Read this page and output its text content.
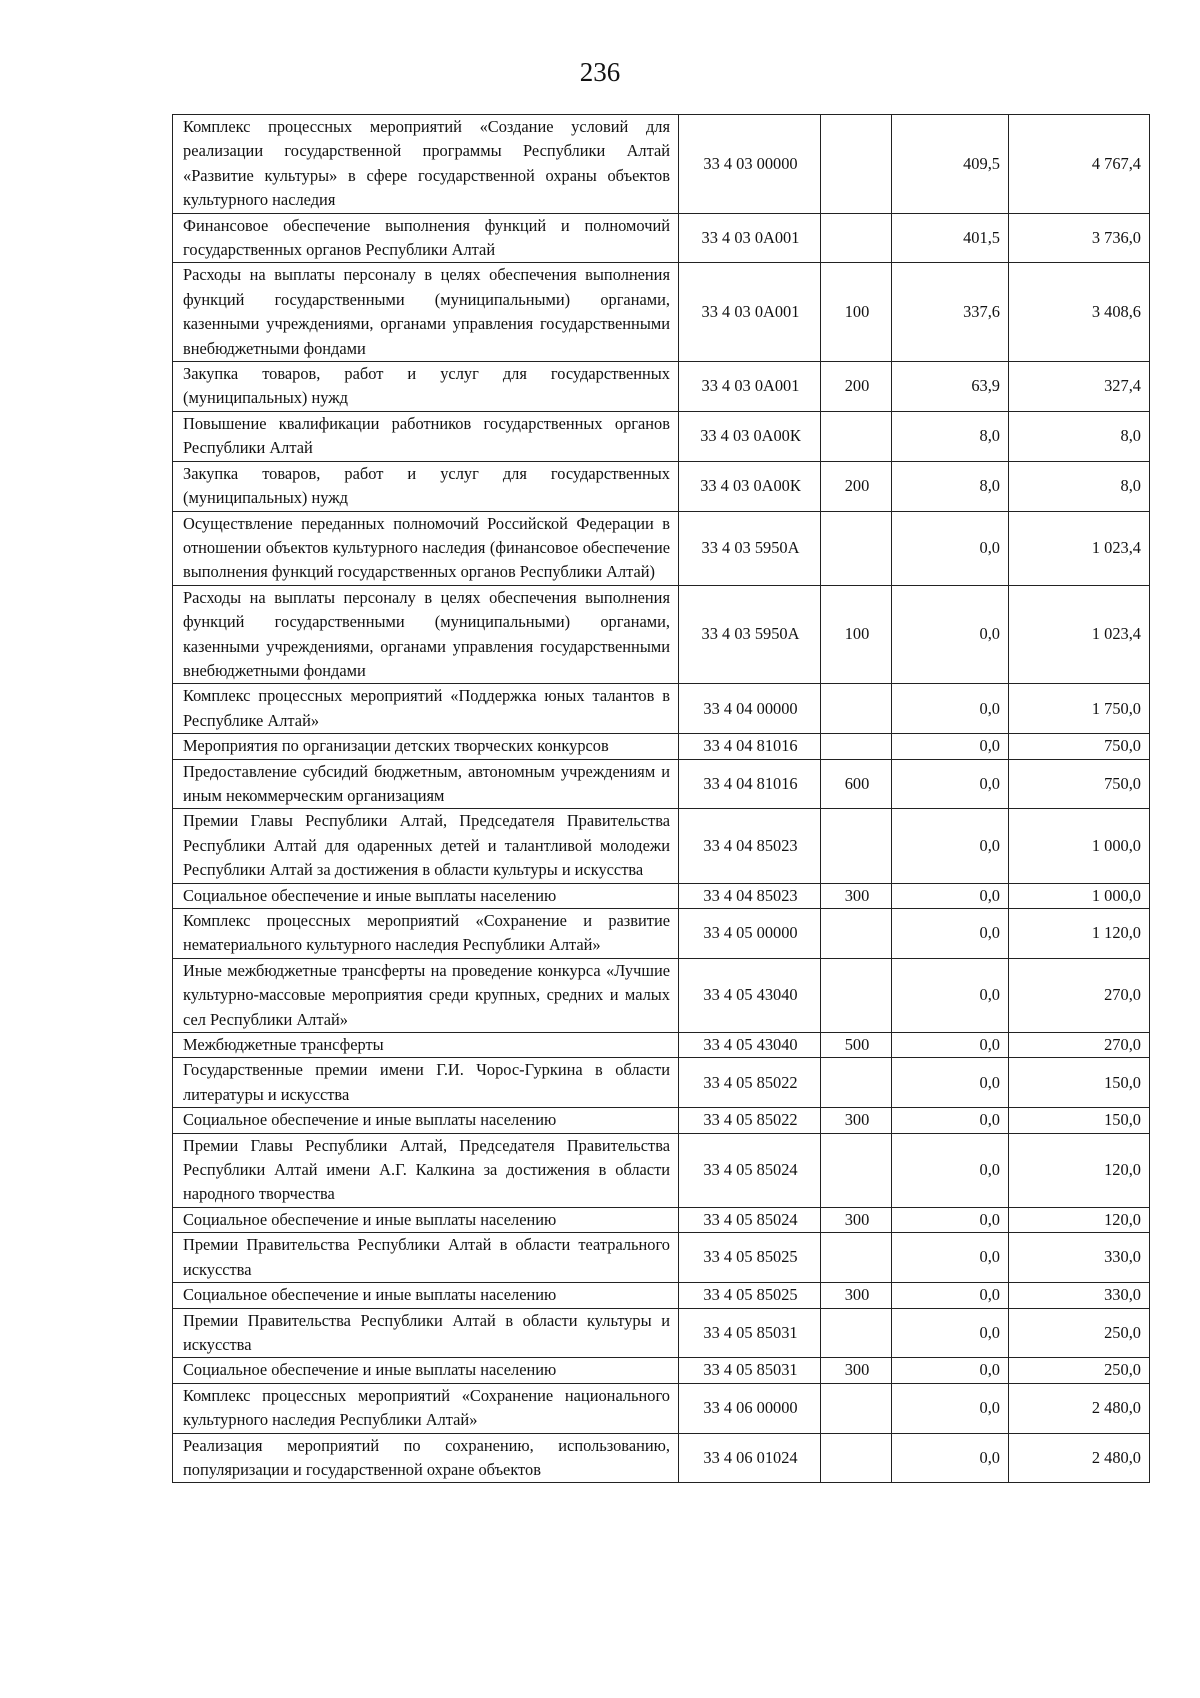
236
Комплекс процессных мероприятий «Создание условий для реализации государственной программы Республики Алтай «Развитие культуры» в сфере государственной охраны объектов культурного наследия	33 4 03 00000		409,5	4 767,4
Финансовое обеспечение выполнения функций и полномочий государственных органов Республики Алтай	33 4 03 0А001		401,5	3 736,0
Расходы на выплаты персоналу в целях обеспечения выполнения функций государственными (муниципальными) органами, казенными учреждениями, органами управления государственными внебюджетными фондами	33 4 03 0А001	100	337,6	3 408,6
Закупка товаров, работ и услуг для государственных (муниципальных) нужд	33 4 03 0А001	200	63,9	327,4
Повышение квалификации работников государственных органов Республики Алтай	33 4 03 0А00К		8,0	8,0
Закупка товаров, работ и услуг для государственных (муниципальных) нужд	33 4 03 0А00К	200	8,0	8,0
Осуществление переданных полномочий Российской Федерации в отношении объектов культурного наследия (финансовое обеспечение выполнения функций государственных органов Республики Алтай)	33 4 03 5950А		0,0	1 023,4
Расходы на выплаты персоналу в целях обеспечения выполнения функций государственными (муниципальными) органами, казенными учреждениями, органами управления государственными внебюджетными фондами	33 4 03 5950А	100	0,0	1 023,4
Комплекс процессных мероприятий «Поддержка юных талантов в Республике Алтай»	33 4 04 00000		0,0	1 750,0
Мероприятия по организации детских творческих конкурсов	33 4 04 81016		0,0	750,0
Предоставление субсидий бюджетным, автономным учреждениям и иным некоммерческим организациям	33 4 04 81016	600	0,0	750,0
Премии Главы Республики Алтай, Председателя Правительства Республики Алтай для одаренных детей и талантливой молодежи Республики Алтай за достижения в области культуры и искусства	33 4 04 85023		0,0	1 000,0
Социальное обеспечение и иные выплаты населению	33 4 04 85023	300	0,0	1 000,0
Комплекс процессных мероприятий «Сохранение и развитие нематериального культурного наследия Республики Алтай»	33 4 05 00000		0,0	1 120,0
Иные межбюджетные трансферты на проведение конкурса «Лучшие культурно-массовые мероприятия среди крупных, средних и малых сел Республики Алтай»	33 4 05 43040		0,0	270,0
Межбюджетные трансферты	33 4 05 43040	500	0,0	270,0
Государственные премии имени Г.И. Чорос-Гуркина в области литературы и искусства	33 4 05 85022		0,0	150,0
Социальное обеспечение и иные выплаты населению	33 4 05 85022	300	0,0	150,0
Премии Главы Республики Алтай, Председателя Правительства Республики Алтай имени А.Г. Калкина за достижения в области народного творчества	33 4 05 85024		0,0	120,0
Социальное обеспечение и иные выплаты населению	33 4 05 85024	300	0,0	120,0
Премии Правительства Республики Алтай в области театрального искусства	33 4 05 85025		0,0	330,0
Социальное обеспечение и иные выплаты населению	33 4 05 85025	300	0,0	330,0
Премии Правительства Республики Алтай в области культуры и искусства	33 4 05 85031		0,0	250,0
Социальное обеспечение и иные выплаты населению	33 4 05 85031	300	0,0	250,0
Комплекс процессных мероприятий «Сохранение национального культурного наследия Республики Алтай»	33 4 06 00000		0,0	2 480,0
Реализация мероприятий по сохранению, использованию, популяризации и государственной охране объектов	33 4 06 01024		0,0	2 480,0
